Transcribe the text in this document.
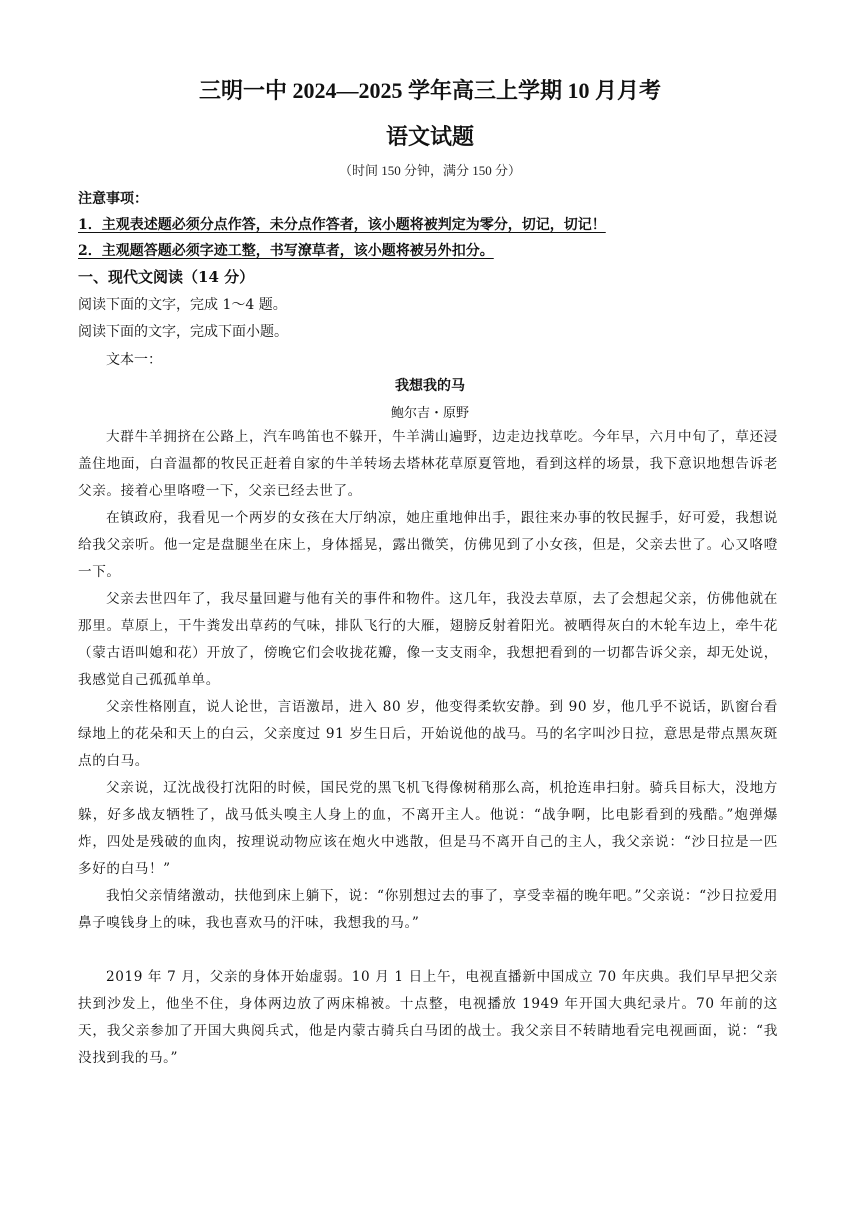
三明一中 2024—2025 学年高三上学期 10 月月考
语文试题
（时间 150 分钟，满分 150 分）
注意事项：
1．主观表述题必须分点作答，未分点作答者，该小题将被判定为零分，切记，切记！
2．主观题答题必须字迹工整，书写潦草者，该小题将被另外扣分。
一、现代文阅读（14 分）
阅读下面的文字，完成 1～4 题。
阅读下面的文字，完成下面小题。
文本一：
我想我的马
鲍尔吉・原野

大群牛羊拥挤在公路上，汽车鸣笛也不躲开，牛羊满山遍野，边走边找草吃。今年早，六月中旬了，草还浸盖住地面，白音温都的牧民正赶着自家的牛羊转场去塔林花草原夏管地，看到这样的场景，我下意识地想告诉老父亲。接着心里咯噔一下，父亲已经去世了。

在镇政府，我看见一个两岁的女孩在大厅纳凉，她庄重地伸出手，跟往来办事的牧民握手，好可爱，我想说给我父亲听。他一定是盘腿坐在床上，身体摇晃，露出微笑，仿佛见到了小女孩，但是，父亲去世了。心又咯噔一下。

父亲去世四年了，我尽量回避与他有关的事件和物件。这几年，我没去草原，去了会想起父亲，仿佛他就在那里。草原上，干牛粪发出草药的气味，排队飞行的大雁，翅膀反射着阳光。被晒得灰白的木轮车边上，牵牛花（蒙古语叫媳和花）开放了，傍晚它们会收拢花瓣，像一支支雨伞，我想把看到的一切都告诉父亲，却无处说，我感觉自己孤孤单单。

父亲性格刚直，说人论世，言语激昂，进入 80 岁，他变得柔软安静。到 90 岁，他几乎不说话，趴窗台看绿地上的花朵和天上的白云，父亲度过 91 岁生日后，开始说他的战马。马的名字叫沙日拉，意思是带点黑灰斑点的白马。

父亲说，辽沈战役打沈阳的时候，国民党的黑飞机飞得像树稍那么高，机抢连串扫射。骑兵目标大，没地方躲，好多战友牺牲了，战马低头嗅主人身上的血，不离开主人。他说：“战争啊，比电影看到的残酷。”炮弹爆炸，四处是残破的血肉，按理说动物应该在炮火中逃散，但是马不离开自己的主人，我父亲说：“沙日拉是一匹多好的白马！”

我怕父亲情绪激动，扶他到床上躺下，说：“你别想过去的事了，享受幸福的晚年吧。”父亲说：“沙日拉爱用鼻子嗅钱身上的味，我也喜欢马的汗味，我想我的马。”

2019 年 7 月，父亲的身体开始虚弱。10 月 1 日上午，电视直播新中国成立 70 年庆典。我们早早把父亲扶到沙发上，他坐不住，身体两边放了两床棉被。十点整，电视播放 1949 年开国大典纪录片。70 年前的这天，我父亲参加了开国大典阅兵式，他是内蒙古骑兵白马团的战士。我父亲目不转睛地看完电视画面，说：“我没找到我的马。”
